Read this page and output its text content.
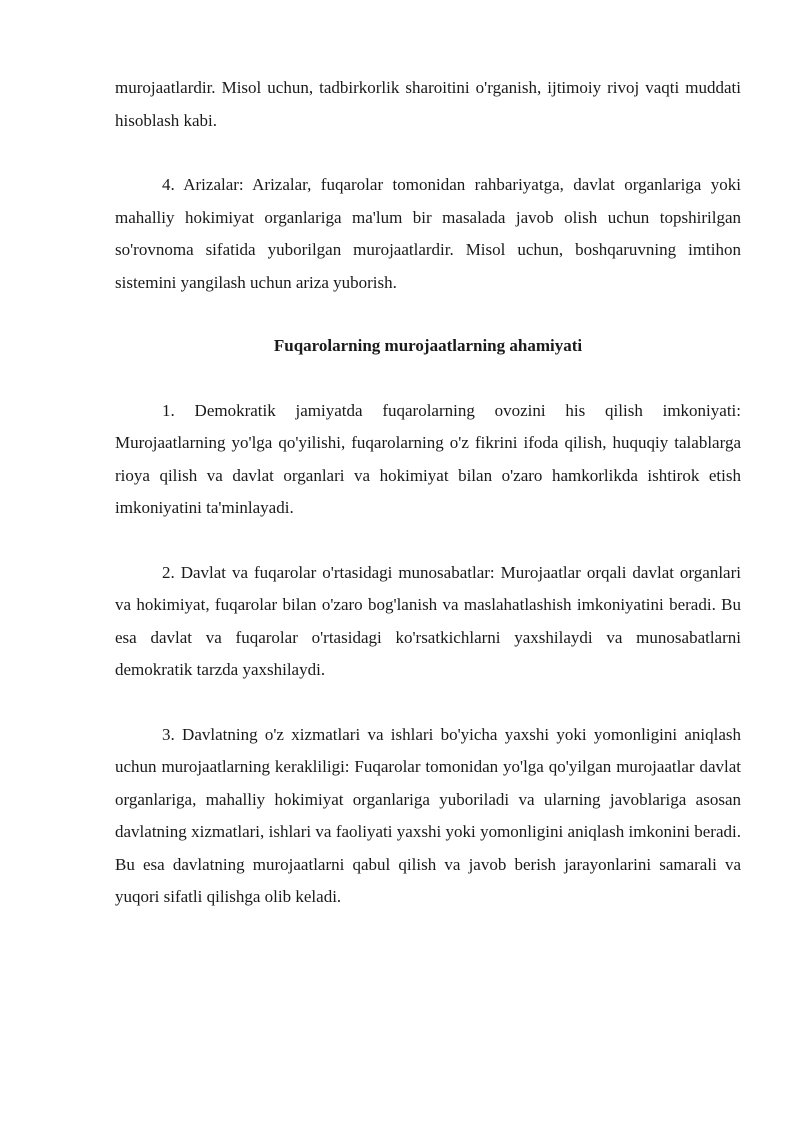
murojaatlardir. Misol uchun, tadbirkorlik sharoitini o'rganish, ijtimoiy rivoj vaqti muddati hisoblash kabi.

4. Arizalar: Arizalar, fuqarolar tomonidan rahbariyatga, davlat organlariga yoki mahalliy hokimiyat organlariga ma'lum bir masalada javob olish uchun topshirilgan so'rovnoma sifatida yuborilgan murojaatlardir. Misol uchun, boshqaruvning imtihon sistemini yangilash uchun ariza yuborish.

Fuqarolarning murojaatlarning ahamiyati

1. Demokratik jamiyatda fuqarolarning ovozini his qilish imkoniyati: Murojaatlarning yo'lga qo'yilishi, fuqarolarning o'z fikrini ifoda qilish, huquqiy talablarga rioya qilish va davlat organlari va hokimiyat bilan o'zaro hamkorlikda ishtirok etish imkoniyatini ta'minlayadi.

2. Davlat va fuqarolar o'rtasidagi munosabatlar: Murojaatlar orqali davlat organlari va hokimiyat, fuqarolar bilan o'zaro bog'lanish va maslahatlashish imkoniyatini beradi. Bu esa davlat va fuqarolar o'rtasidagi ko'rsatkichlarni yaxshilaydi va munosabatlarni demokratik tarzda yaxshilaydi.

3. Davlatning o'z xizmatlari va ishlari bo'yicha yaxshi yoki yomonligini aniqlash uchun murojaatlarning kerakliligi: Fuqarolar tomonidan yo'lga qo'yilgan murojaatlar davlat organlariga, mahalliy hokimiyat organlariga yuboriladi va ularning javoblariga asosan davlatning xizmatlari, ishlari va faoliyati yaxshi yoki yomonligini aniqlash imkonini beradi. Bu esa davlatning murojaatlarni qabul qilish va javob berish jarayonlarini samarali va yuqori sifatli qilishga olib keladi.
